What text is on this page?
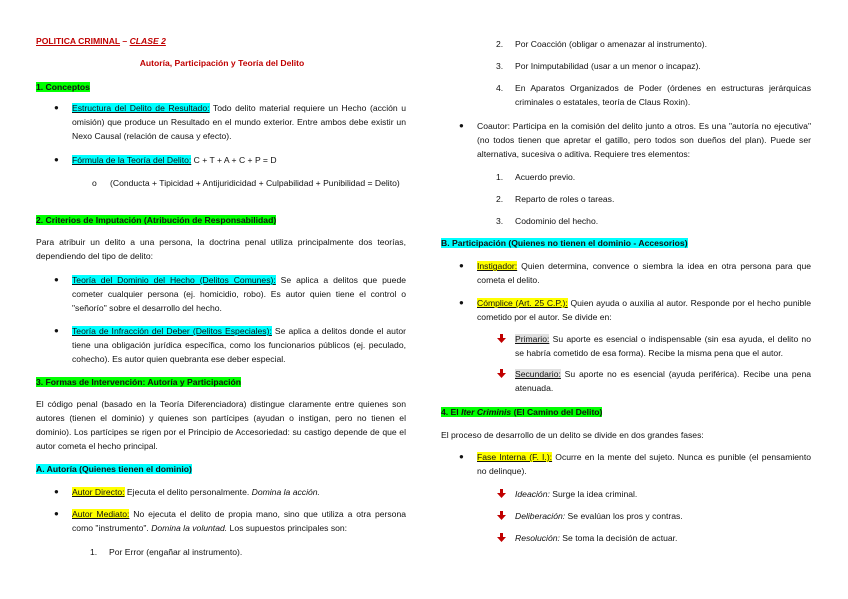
POLITICA CRIMINAL – CLASE 2
Autoría, Participación y Teoría del Delito
1. Conceptos
● Estructura del Delito de Resultado: Todo delito material requiere un Hecho (acción u omisión) que produce un Resultado en el mundo exterior. Entre ambos debe existir un Nexo Causal (relación de causa y efecto).
● Fórmula de la Teoría del Delito: C + T + A + C + P = D
o (Conducta + Tipicidad + Antijuridicidad + Culpabilidad + Punibilidad = Delito)
2. Criterios de Imputación (Atribución de Responsabilidad)
Para atribuir un delito a una persona, la doctrina penal utiliza principalmente dos teorías, dependiendo del tipo de delito:
● Teoría del Dominio del Hecho (Delitos Comunes): Se aplica a delitos que puede cometer cualquier persona (ej. homicidio, robo). Es autor quien tiene el control o "señorío" sobre el desarrollo del hecho.
● Teoría de Infracción del Deber (Delitos Especiales): Se aplica a delitos donde el autor tiene una obligación jurídica específica, como los funcionarios públicos (ej. peculado, cohecho). Es autor quien quebranta ese deber especial.
3. Formas de Intervención: Autoría y Participación
El código penal (basado en la Teoría Diferenciadora) distingue claramente entre quienes son autores (tienen el dominio) y quienes son partícipes (ayudan o instigan, pero no tienen el dominio). Los partícipes se rigen por el Principio de Accesoriedad: su castigo depende de que el autor cometa el hecho principal.
A. Autoría (Quienes tienen el dominio)
● Autor Directo: Ejecuta el delito personalmente. Domina la acción.
● Autor Mediato: No ejecuta el delito de propia mano, sino que utiliza a otra persona como "instrumento". Domina la voluntad. Los supuestos principales son:
1. Por Error (engañar al instrumento).
2. Por Coacción (obligar o amenazar al instrumento).
3. Por Inimputabilidad (usar a un menor o incapaz).
4. En Aparatos Organizados de Poder (órdenes en estructuras jerárquicas criminales o estatales, teoría de Claus Roxin).
● Coautor: Participa en la comisión del delito junto a otros. Es una "autoría no ejecutiva" (no todos tienen que apretar el gatillo, pero todos son dueños del plan). Puede ser alternativa, sucesiva o aditiva. Requiere tres elementos:
1. Acuerdo previo.
2. Reparto de roles o tareas.
3. Codominio del hecho.
B. Participación (Quienes no tienen el dominio - Accesorios)
● Instigador: Quien determina, convence o siembra la idea en otra persona para que cometa el delito.
● Cómplice (Art. 25 C.P.): Quien ayuda o auxilia al autor. Responde por el hecho punible cometido por el autor. Se divide en:
Primario: Su aporte es esencial o indispensable (sin esa ayuda, el delito no se habría cometido de esa forma). Recibe la misma pena que el autor.
Secundario: Su aporte no es esencial (ayuda periférica). Recibe una pena atenuada.
4. El Iter Criminis (El Camino del Delito)
El proceso de desarrollo de un delito se divide en dos grandes fases:
● Fase Interna (F. I.): Ocurre en la mente del sujeto. Nunca es punible (el pensamiento no delinque).
Ideación: Surge la idea criminal.
Deliberación: Se evalúan los pros y contras.
Resolución: Se toma la decisión de actuar.
